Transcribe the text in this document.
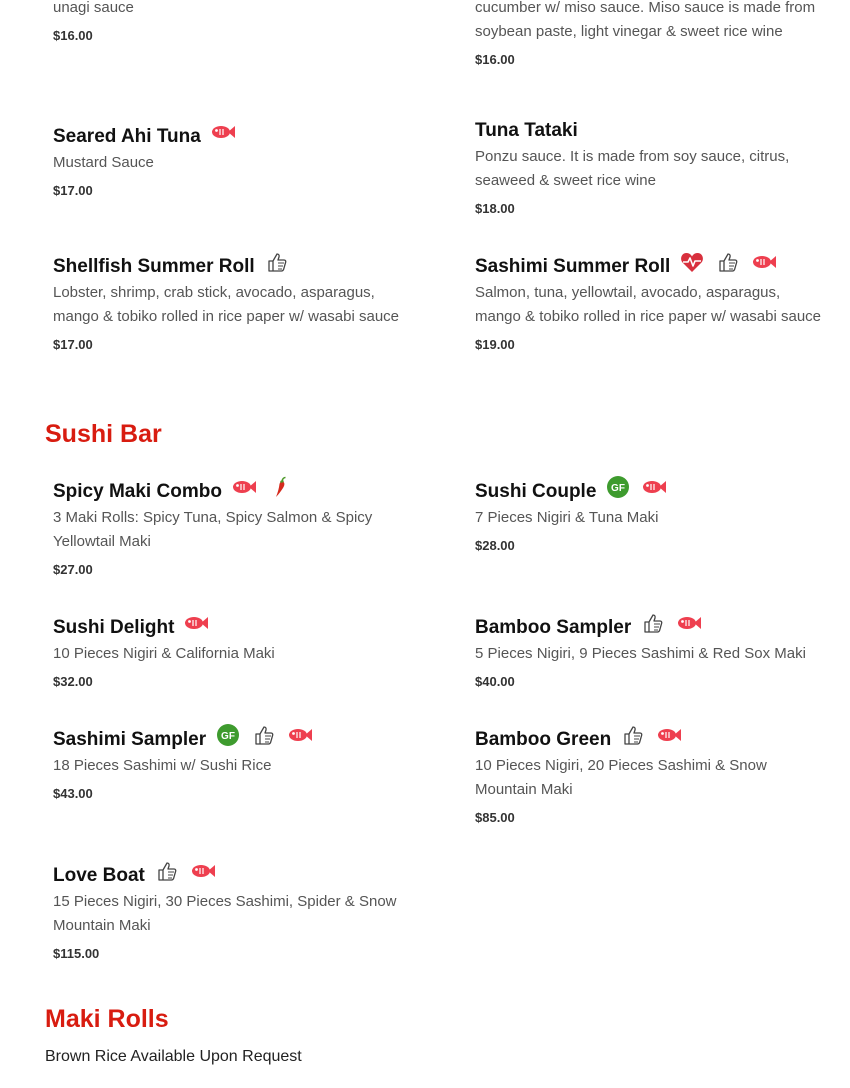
unagi sauce
$16.00
cucumber w/ miso sauce. Miso sauce is made from soybean paste, light vinegar & sweet rice wine
$16.00
Seared Ahi Tuna
Mustard Sauce
$17.00
Tuna Tataki
Ponzu sauce. It is made from soy sauce, citrus, seaweed & sweet rice wine
$18.00
Shellfish Summer Roll
Lobster, shrimp, crab stick, avocado, asparagus, mango & tobiko rolled in rice paper w/ wasabi sauce
$17.00
Sashimi Summer Roll
Salmon, tuna, yellowtail, avocado, asparagus, mango & tobiko rolled in rice paper w/ wasabi sauce
$19.00
Sushi Bar
Spicy Maki Combo
3 Maki Rolls: Spicy Tuna, Spicy Salmon & Spicy Yellowtail Maki
$27.00
Sushi Couple GF
7 Pieces Nigiri & Tuna Maki
$28.00
Sushi Delight
10 Pieces Nigiri & California Maki
$32.00
Bamboo Sampler
5 Pieces Nigiri, 9 Pieces Sashimi & Red Sox Maki
$40.00
Sashimi Sampler GF
18 Pieces Sashimi w/ Sushi Rice
$43.00
Bamboo Green
10 Pieces Nigiri, 20 Pieces Sashimi & Snow Mountain Maki
$85.00
Love Boat
15 Pieces Nigiri, 30 Pieces Sashimi, Spider & Snow Mountain Maki
$115.00
Maki Rolls
Brown Rice Available Upon Request
